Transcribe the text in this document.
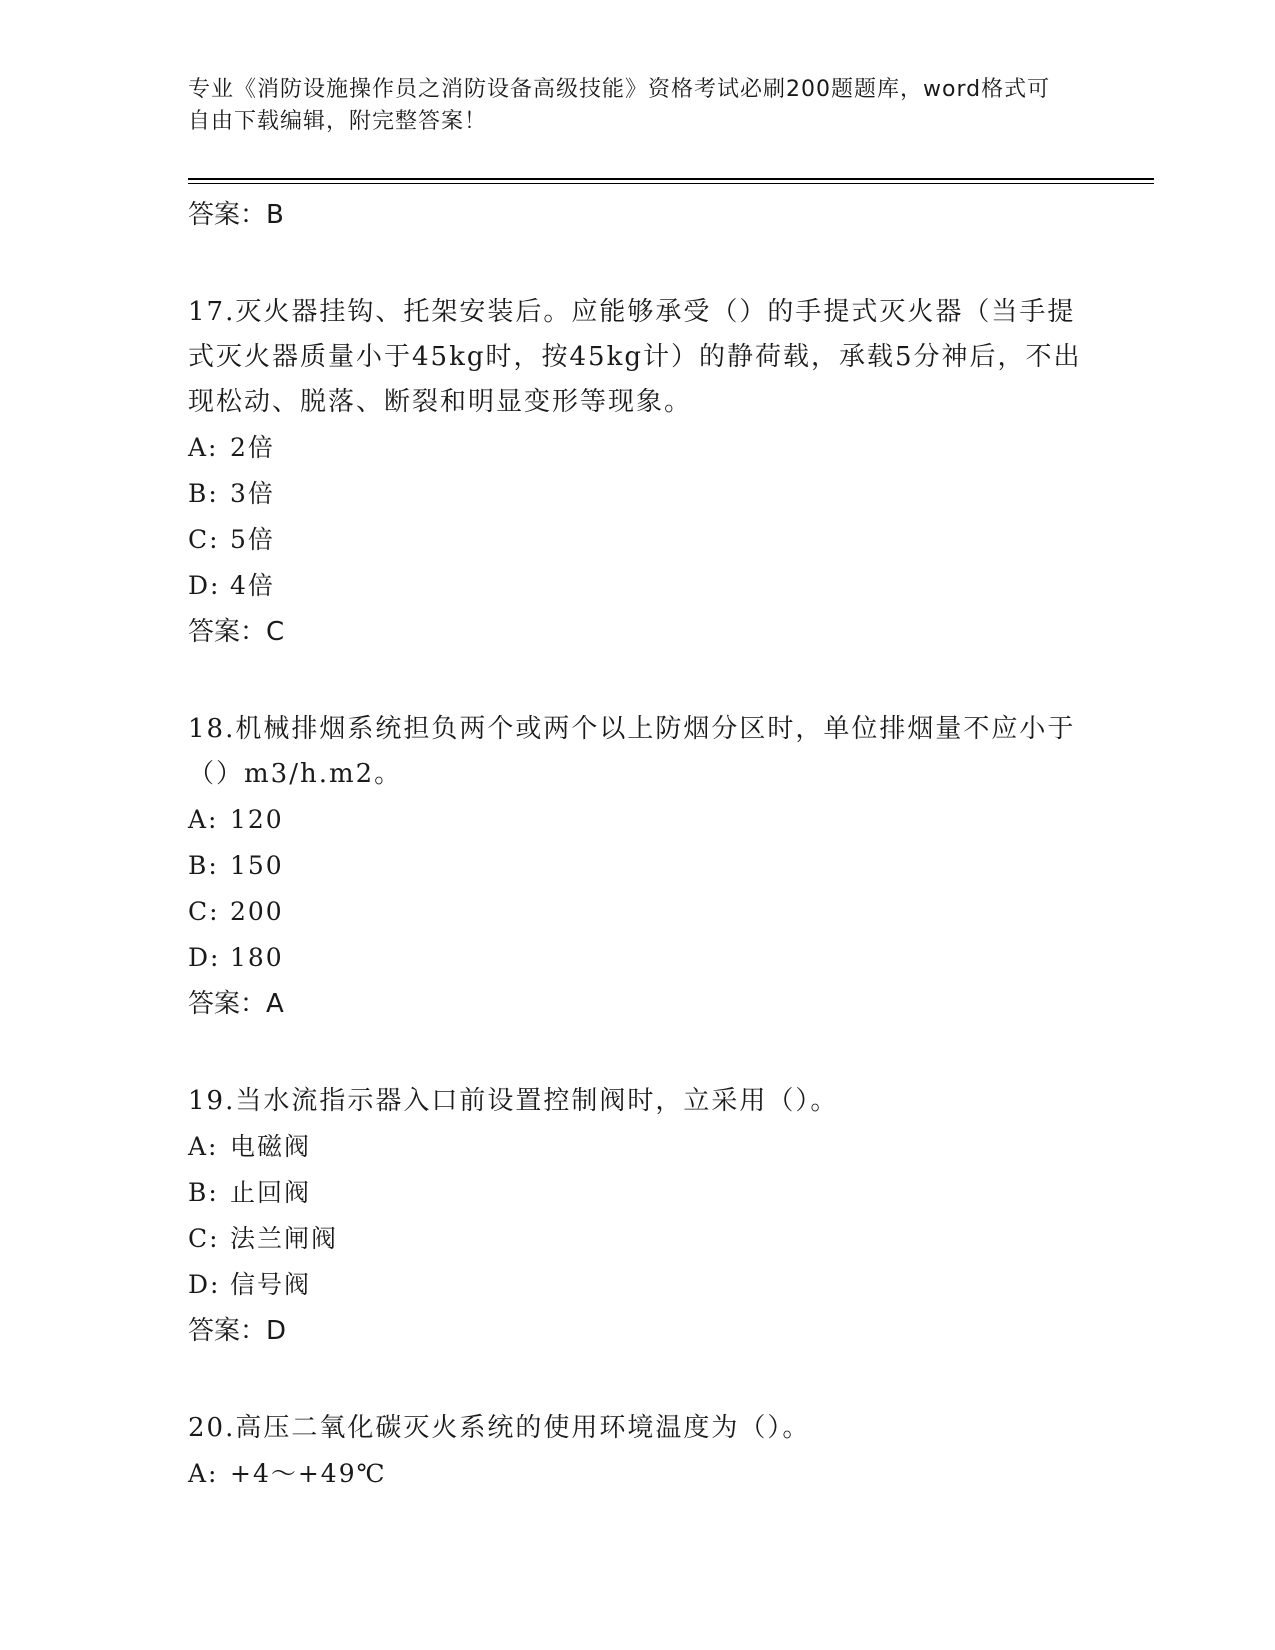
专业《消防设施操作员之消防设备高级技能》资格考试必刷200题题库，word格式可自由下载编辑，附完整答案！

答案：B

17.灭火器挂钩、托架安装后。应能够承受（）的手提式灭火器（当手提式灭火器质量小于45kg时，按45kg计）的静荷载，承载5分神后，不出现松动、脱落、断裂和明显变形等现象。

A: 2倍

B: 3倍

C: 5倍

D: 4倍

答案：C

18.机械排烟系统担负两个或两个以上防烟分区时，单位排烟量不应小于（）m3/h.m2。

A: 120

B: 150

C: 200

D: 180

答案：A

19.当水流指示器入口前设置控制阀时，立采用（）。

A: 电磁阀

B: 止回阀

C: 法兰闸阀

D: 信号阀

答案：D

20.高压二氧化碳灭火系统的使用环境温度为（）。

A: +4～+49℃
